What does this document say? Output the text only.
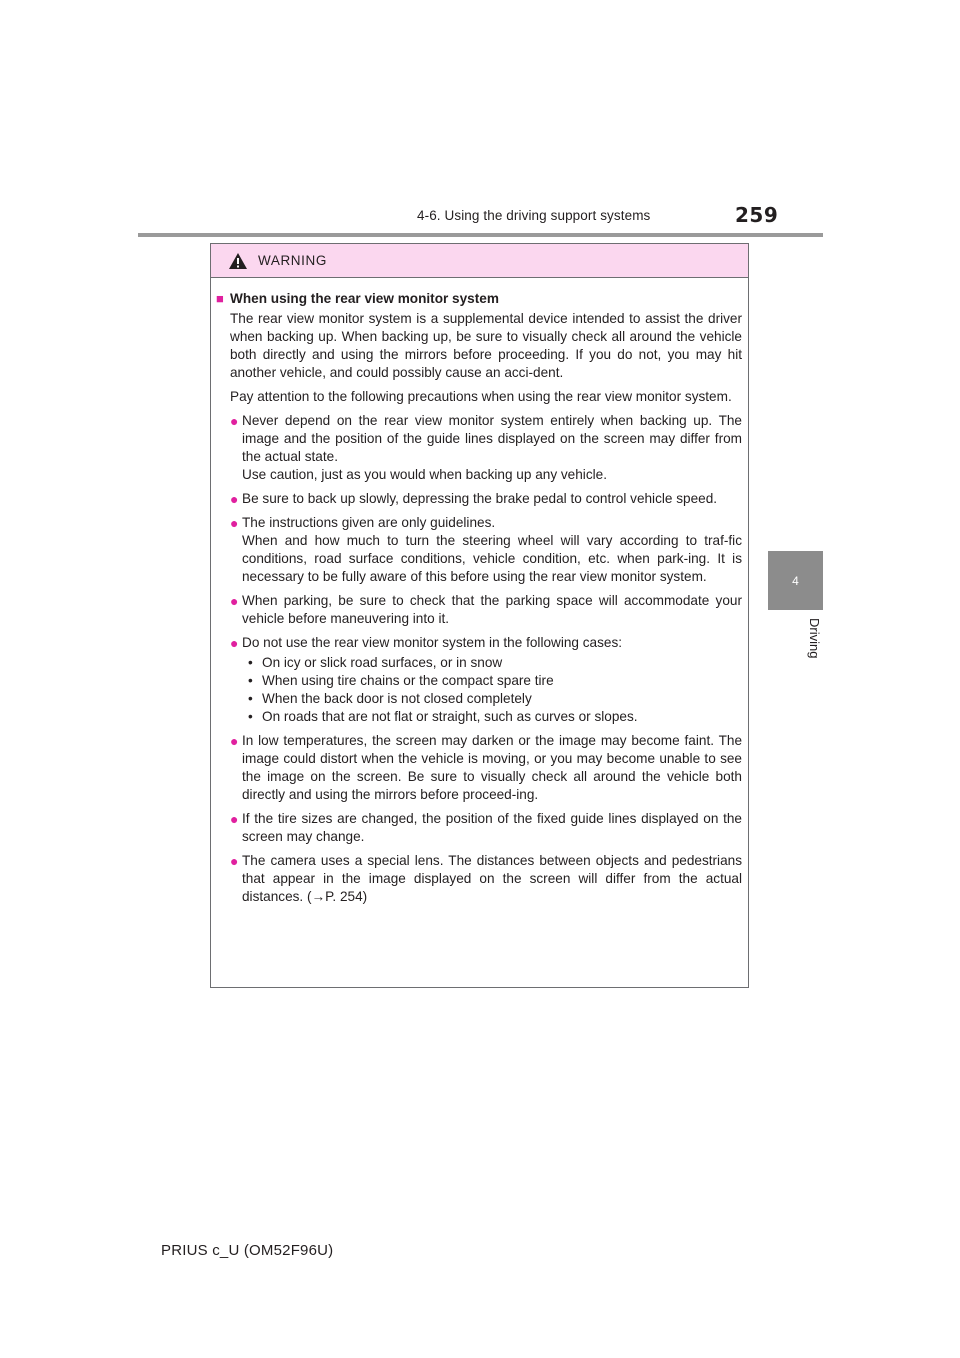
4-6. Using the driving support systems	259
4
Driving
WARNING
■ When using the rear view monitor system
The rear view monitor system is a supplemental device intended to assist the driver when backing up. When backing up, be sure to visually check all around the vehicle both directly and using the mirrors before proceeding. If you do not, you may hit another vehicle, and could possibly cause an acci-dent.
Pay attention to the following precautions when using the rear view monitor system.
● Never depend on the rear view monitor system entirely when backing up. The image and the position of the guide lines displayed on the screen may differ from the actual state.
Use caution, just as you would when backing up any vehicle.
● Be sure to back up slowly, depressing the brake pedal to control vehicle speed.
● The instructions given are only guidelines.
When and how much to turn the steering wheel will vary according to traf-fic conditions, road surface conditions, vehicle condition, etc. when park-ing. It is necessary to be fully aware of this before using the rear view monitor system.
● When parking, be sure to check that the parking space will accommodate your vehicle before maneuvering into it.
● Do not use the rear view monitor system in the following cases:
• On icy or slick road surfaces, or in snow
• When using tire chains or the compact spare tire
• When the back door is not closed completely
• On roads that are not flat or straight, such as curves or slopes.
● In low temperatures, the screen may darken or the image may become faint. The image could distort when the vehicle is moving, or you may become unable to see the image on the screen. Be sure to visually check all around the vehicle both directly and using the mirrors before proceed-ing.
● If the tire sizes are changed, the position of the fixed guide lines displayed on the screen may change.
● The camera uses a special lens. The distances between objects and pedestrians that appear in the image displayed on the screen will differ from the actual distances. (→P. 254)
PRIUS c_U (OM52F96U)
